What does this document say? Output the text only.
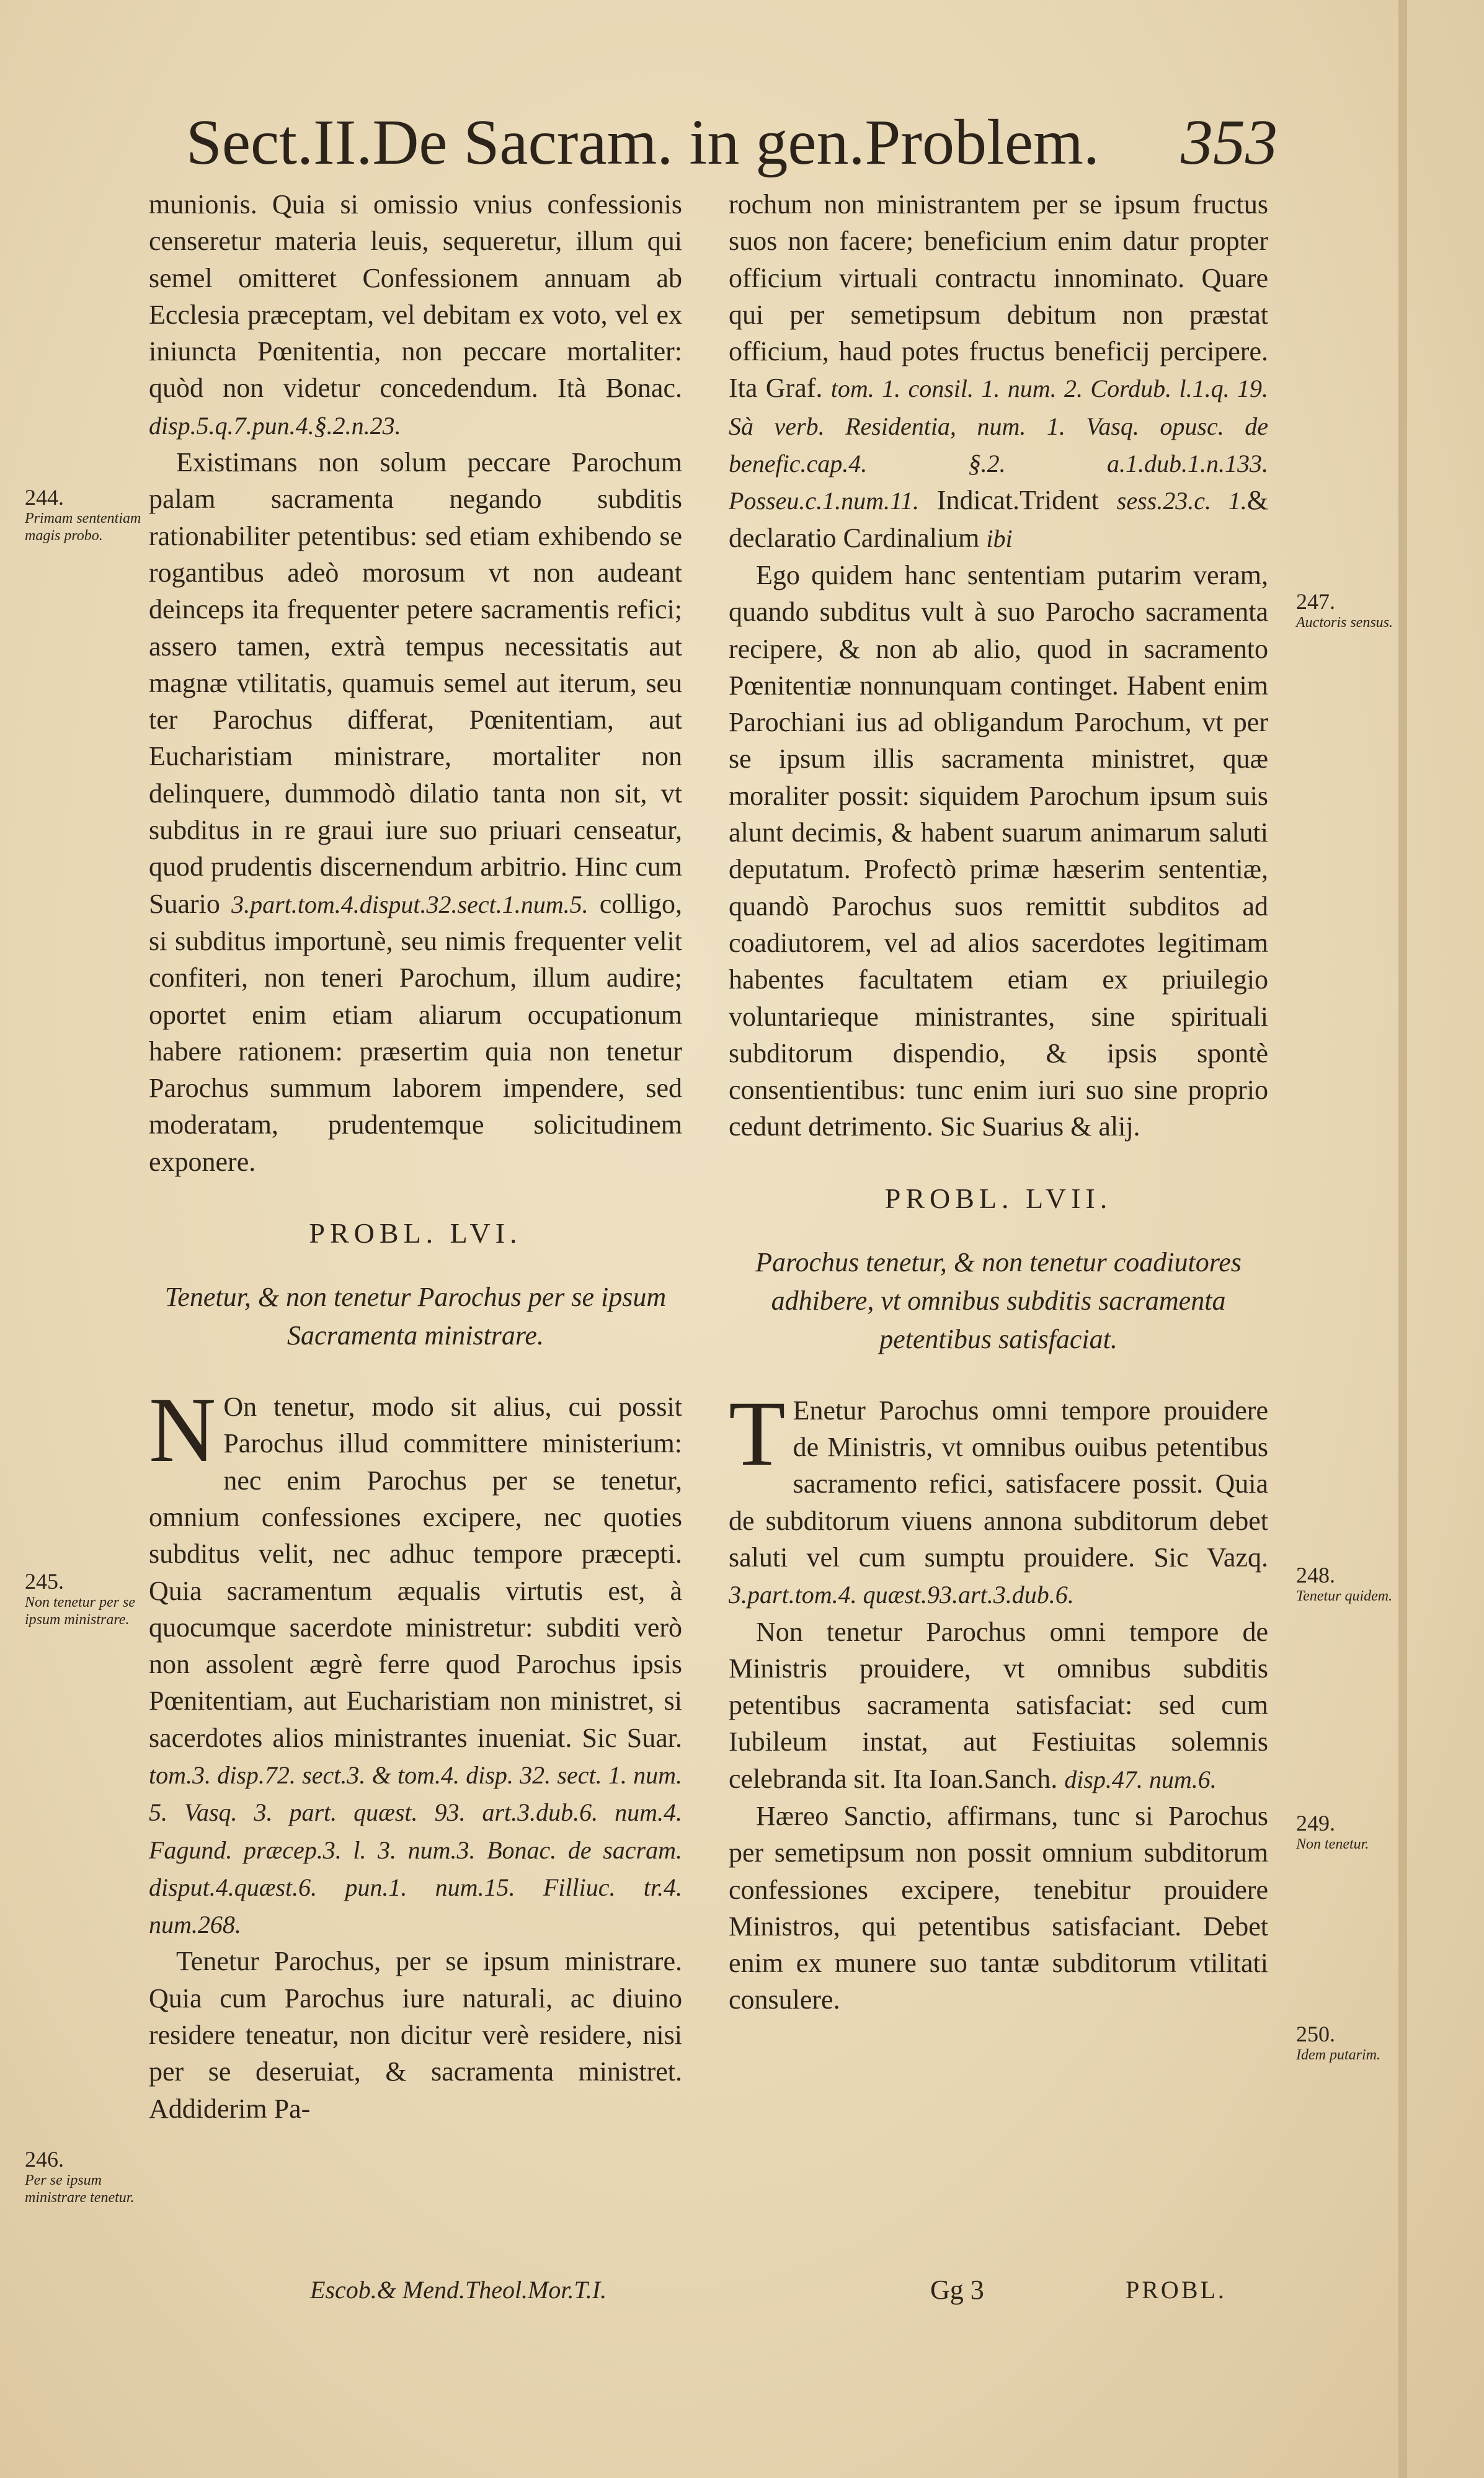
Sect.II.De Sacram. in gen.Problem. 353

munionis. Quia si omissio vnius confessionis censeretur materia leuis, sequeretur, illum qui semel omitteret Confessionem annuam ab Ecclesia præceptam, vel debitam ex voto, vel ex iniuncta Pœnitentia, non peccare mortaliter: quòd non videtur concedendum. Ità Bonac. disp.5.q.7.pun.4.§.2.n.23.

Existimans non solum peccare Parochum palam sacramenta negando subditis rationabiliter petentibus: sed etiam exhibendo se rogantibus adeò morosum vt non audeant deinceps ita frequenter petere sacramentis refici; assero tamen, extrà tempus necessitatis aut magnæ vtilitatis, quamuis semel aut iterum, seu ter Parochus differat, Pœnitentiam, aut Eucharistiam ministrare, mortaliter non delinquere, dummodò dilatio tanta non sit, vt subditus in re graui iure suo priuari censeatur, quod prudentis discernendum arbitrio. Hinc cum Suario 3.part.tom.4.disput.32.sect.1.num.5. colligo, si subditus importunè, seu nimis frequenter velit confiteri, non teneri Parochum, illum audire; oportet enim etiam aliarum occupationum habere rationem: præsertim quia non tenetur Parochus summum laborem impendere, sed moderatam, prudentemque solicitudinem exponere.

PROBL. LVI.

Tenetur, & non tenetur Parochus per se ipsum Sacramenta ministrare.

N On tenetur, modo sit alius, cui possit Parochus illud committere ministerium: nec enim Parochus per se tenetur, omnium confessiones excipere, nec quoties subditus velit, nec adhuc tempore præcepti. Quia sacramentum æqualis virtutis est, à quocumque sacerdote ministretur: subditi verò non assolent ægrè ferre quod Parochus ipsis Pœnitentiam, aut Eucharistiam non ministret, si sacerdotes alios ministrantes inueniat. Sic Suar. tom.3. disp.72. sect.3. & tom.4. disp. 32. sect. 1. num. 5. Vasq. 3. part. quæst. 93. art.3.dub.6. num.4. Fagund. præcep.3. l. 3. num.3. Bonac. de sacram. disput.4.quæst.6. pun.1. num.15. Filliuc. tr.4. num.268.

Tenetur Parochus, per se ipsum ministrare. Quia cum Parochus iure naturali, ac diuino residere teneatur, non dicitur verè residere, nisi per se deseruiat, & sacramenta ministret. Addiderim Pa-

rochum non ministrantem per se ipsum fructus suos non facere; beneficium enim datur propter officium virtuali contractu innominato. Quare qui per semetipsum debitum non præstat officium, haud potes fructus beneficij percipere. Ita Graf. tom. 1. consil. 1. num. 2. Cordub. l.1.q. 19. Sà verb. Residentia, num. 1. Vasq. opusc. de benefic.cap.4. §.2. a.1.dub.1.n.133. Posseu.c.1.num.11. Indicat.Trident sess.23.c. 1.& declaratio Cardinalium ibi

Ego quidem hanc sententiam putarim veram, quando subditus vult à suo Parocho sacramenta recipere, & non ab alio, quod in sacramento Pœnitentiæ nonnunquam continget. Habent enim Parochiani ius ad obligandum Parochum, vt per se ipsum illis sacramenta ministret, quæ moraliter possit: siquidem Parochum ipsum suis alunt decimis, & habent suarum animarum saluti deputatum. Profectò primæ hæserim sententiæ, quandò Parochus suos remittit subditos ad coadiutorem, vel ad alios sacerdotes legitimam habentes facultatem etiam ex priuilegio voluntarieque ministrantes, sine spirituali subditorum dispendio, & ipsis spontè consentientibus: tunc enim iuri suo sine proprio cedunt detrimento. Sic Suarius & alij.

PROBL. LVII.

Parochus tenetur, & non tenetur coadiutores adhibere, vt omnibus subditis sacramenta petentibus satisfaciat.

T Enetur Parochus omni tempore prouidere de Ministris, vt omnibus ouibus petentibus sacramento refici, satisfacere possit. Quia de subditorum viuens annona subditorum debet saluti vel cum sumptu prouidere. Sic Vazq. 3.part.tom.4. quæst.93.art.3.dub.6.

Non tenetur Parochus omni tempore de Ministris prouidere, vt omnibus subditis petentibus sacramenta satisfaciat: sed cum Iubileum instat, aut Festiuitas solemnis celebranda sit. Ita Ioan.Sanch. disp.47. num.6.

Hæreo Sanctio, affirmans, tunc si Parochus per semetipsum non possit omnium subditorum confessiones excipere, tenebitur prouidere Ministros, qui petentibus satisfaciant. Debet enim ex munere suo tantæ subditorum vtilitati consulere.

Escob.& Mend.Theol.Mor.T.I.	Gg 3	PROBL.
244.
Primam sententiam magis probo.
245.
Non tenetur per se ipsum ministrare.
246.
Per se ipsum ministrare tenetur.
247.
Auctoris sensus.
248.
Tenetur quidem.
249.
Non tenetur.
250.
Idem putarim.
